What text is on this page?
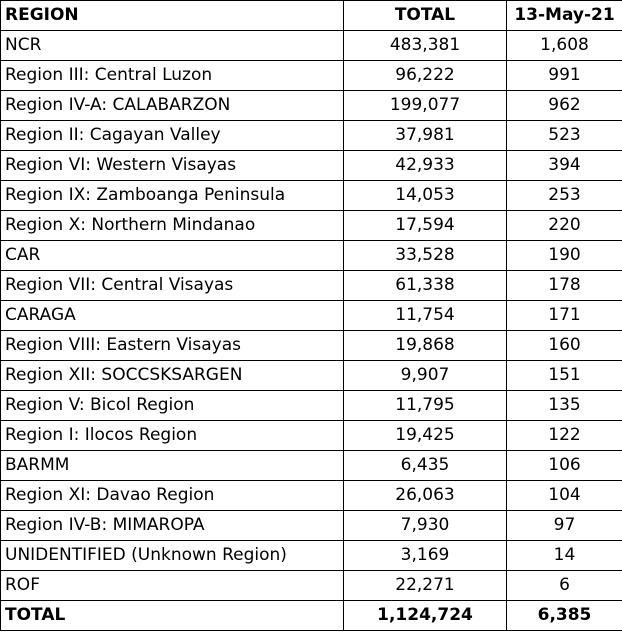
REGION	TOTAL	13-May-21
NCR	483,381	1,608
Region III: Central Luzon	96,222	991
Region IV-A: CALABARZON	199,077	962
Region II: Cagayan Valley	37,981	523
Region VI: Western Visayas	42,933	394
Region IX: Zamboanga Peninsula	14,053	253
Region X: Northern Mindanao	17,594	220
CAR	33,528	190
Region VII: Central Visayas	61,338	178
CARAGA	11,754	171
Region VIII: Eastern Visayas	19,868	160
Region XII: SOCCSKSARGEN	9,907	151
Region V: Bicol Region	11,795	135
Region I: Ilocos Region	19,425	122
BARMM	6,435	106
Region XI: Davao Region	26,063	104
Region IV-B: MIMAROPA	7,930	97
UNIDENTIFIED (Unknown Region)	3,169	14
ROF	22,271	6
TOTAL	1,124,724	6,385
